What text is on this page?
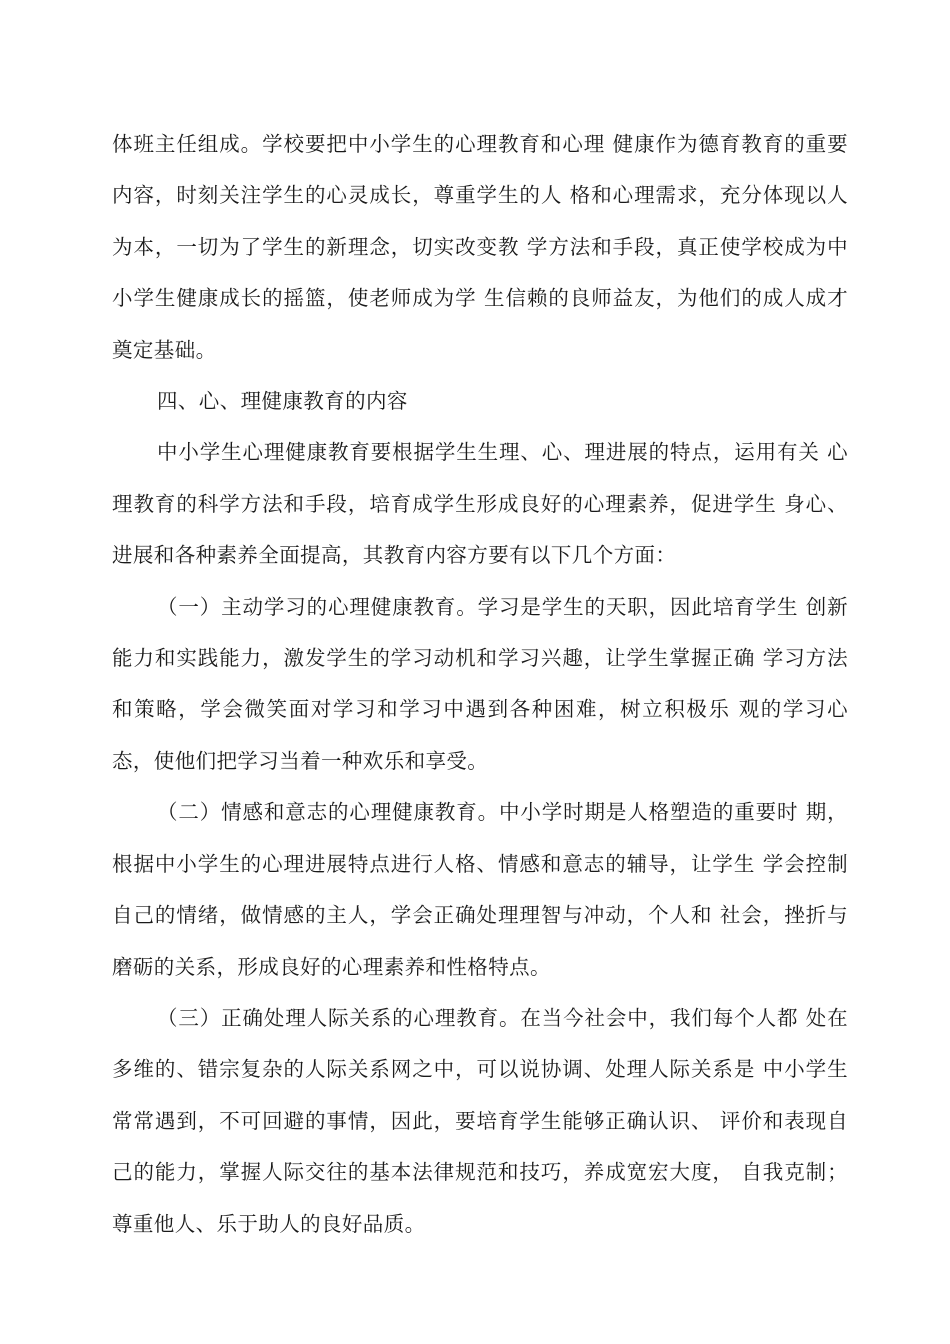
体班主任组成。学校要把中小学生的心理教育和心理 健康作为德育教育的重要内容，时刻关注学生的心灵成长，尊重学生的人 格和心理需求，充分体现以人为本，一切为了学生的新理念，切实改变教 学方法和手段，真正使学校成为中小学生健康成长的摇篮，使老师成为学 生信赖的良师益友，为他们的成人成才奠定基础。

四、心、理健康教育的内容

中小学生心理健康教育要根据学生生理、心、理进展的特点，运用有关 心理教育的科学方法和手段，培育成学生形成良好的心理素养，促进学生 身心、进展和各种素养全面提高，其教育内容方要有以下几个方面：

（一）主动学习的心理健康教育。学习是学生的天职，因此培育学生 创新能力和实践能力，激发学生的学习动机和学习兴趣，让学生掌握正确 学习方法和策略，学会微笑面对学习和学习中遇到各种困难，树立积极乐 观的学习心态，使他们把学习当着一种欢乐和享受。

（二）情感和意志的心理健康教育。中小学时期是人格塑造的重要时 期，根据中小学生的心理进展特点进行人格、情感和意志的辅导，让学生 学会控制自己的情绪，做情感的主人，学会正确处理理智与冲动，个人和 社会，挫折与磨砺的关系，形成良好的心理素养和性格特点。

（三）正确处理人际关系的心理教育。在当今社会中，我们每个人都 处在多维的、错宗复杂的人际关系网之中，可以说协调、处理人际关系是 中小学生常常遇到，不可回避的事情，因此，要培育学生能够正确认识、 评价和表现自己的能力，掌握人际交往的基本法律规范和技巧，养成宽宏大度， 自我克制；尊重他人、乐于助人的良好品质。
